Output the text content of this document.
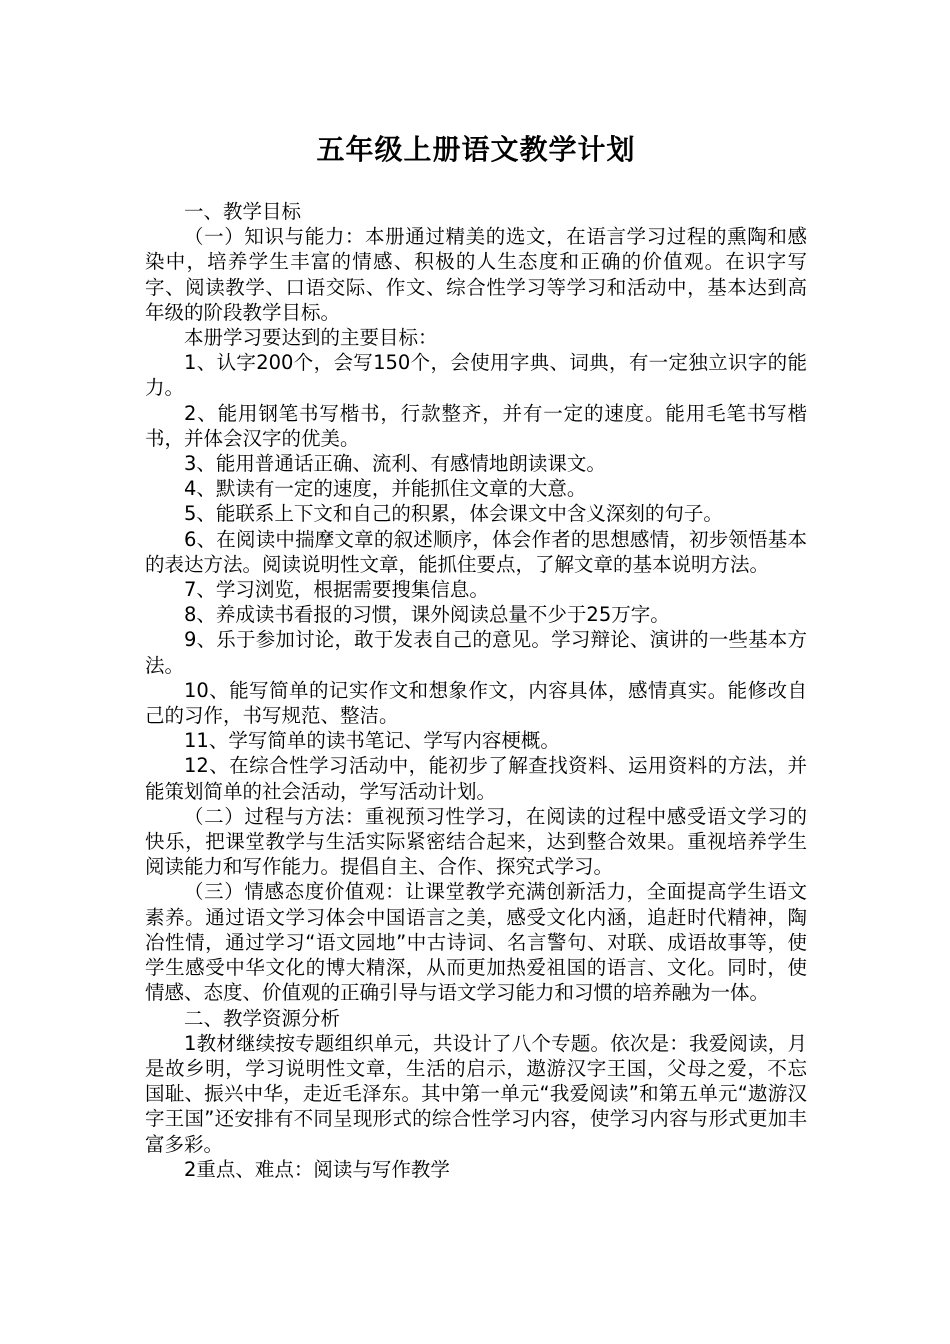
五年级上册语文教学计划

一、教学目标

（一）知识与能力：本册通过精美的选文，在语言学习过程的熏陶和感染中，培养学生丰富的情感、积极的人生态度和正确的价值观。在识字写字、阅读教学、口语交际、作文、综合性学习等学习和活动中，基本达到高年级的阶段教学目标。

本册学习要达到的主要目标：

1、认字200个，会写150个，会使用字典、词典，有一定独立识字的能力。

2、能用钢笔书写楷书，行款整齐，并有一定的速度。能用毛笔书写楷书，并体会汉字的优美。

3、能用普通话正确、流利、有感情地朗读课文。

4、默读有一定的速度，并能抓住文章的大意。

5、能联系上下文和自己的积累，体会课文中含义深刻的句子。

6、在阅读中揣摩文章的叙述顺序，体会作者的思想感情，初步领悟基本的表达方法。阅读说明性文章，能抓住要点，了解文章的基本说明方法。

7、学习浏览，根据需要搜集信息。

8、养成读书看报的习惯，课外阅读总量不少于25万字。

9、乐于参加讨论，敢于发表自己的意见。学习辩论、演讲的一些基本方法。

10、能写简单的记实作文和想象作文，内容具体，感情真实。能修改自己的习作，书写规范、整洁。

11、学写简单的读书笔记、学写内容梗概。

12、在综合性学习活动中，能初步了解查找资料、运用资料的方法，并能策划简单的社会活动，学写活动计划。

（二）过程与方法：重视预习性学习，在阅读的过程中感受语文学习的快乐，把课堂教学与生活实际紧密结合起来，达到整合效果。重视培养学生阅读能力和写作能力。提倡自主、合作、探究式学习。

（三）情感态度价值观：让课堂教学充满创新活力，全面提高学生语文素养。通过语文学习体会中国语言之美，感受文化内涵，追赶时代精神，陶冶性情，通过学习“语文园地”中古诗词、名言警句、对联、成语故事等，使学生感受中华文化的博大精深，从而更加热爱祖国的语言、文化。同时，使情感、态度、价值观的正确引导与语文学习能力和习惯的培养融为一体。

二、教学资源分析

1教材继续按专题组织单元，共设计了八个专题。依次是：我爱阅读，月是故乡明，学习说明性文章，生活的启示，遨游汉字王国，父母之爱，不忘国耻、振兴中华，走近毛泽东。其中第一单元“我爱阅读”和第五单元“遨游汉字王国”还安排有不同呈现形式的综合性学习内容，使学习内容与形式更加丰富多彩。

2重点、难点：阅读与写作教学
